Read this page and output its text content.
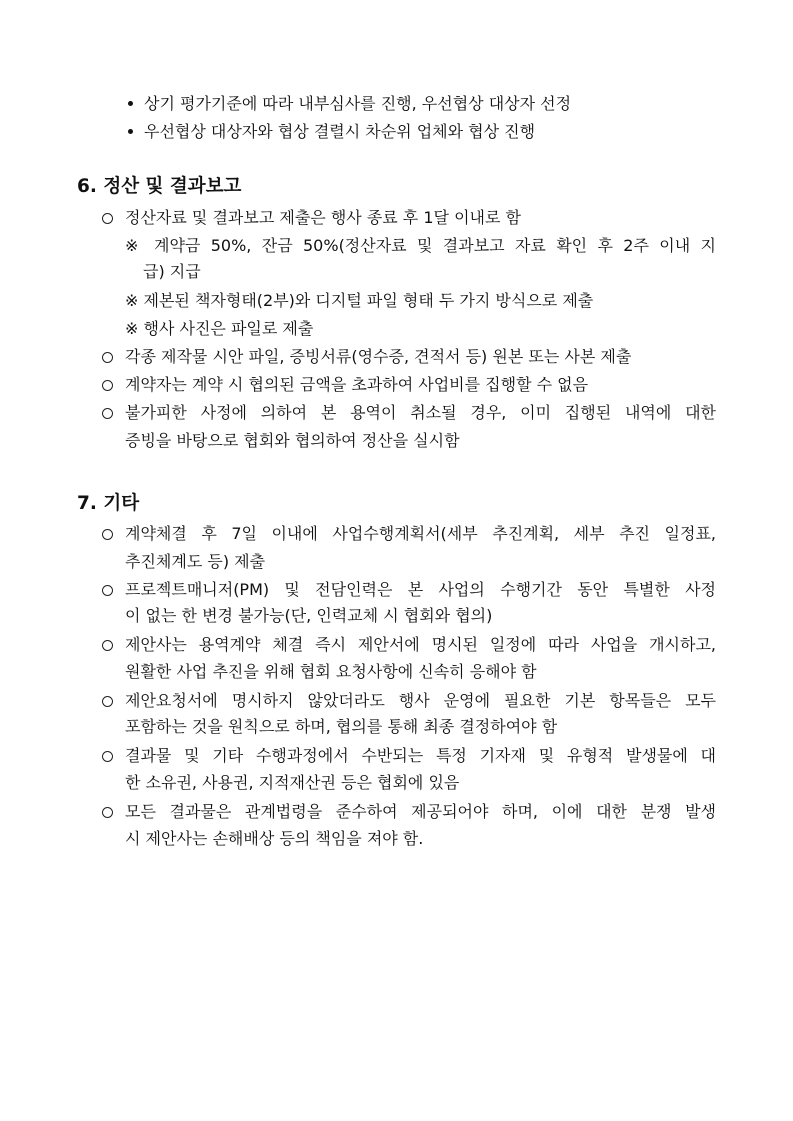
상기 평가기준에 따라 내부심사를 진행, 우선협상 대상자 선정
우선협상 대상자와 협상 결렬시 차순위 업체와 협상 진행
6. 정산 및 결과보고
정산자료 및 결과보고 제출은 행사 종료 후 1달 이내로 함
※ 계약금 50%, 잔금 50%(정산자료 및 결과보고 자료 확인 후 2주 이내 지
급) 지급
※ 제본된 책자형태(2부)와 디지털 파일 형태 두 가지 방식으로 제출
※ 행사 사진은 파일로 제출
각종 제작물 시안 파일, 증빙서류(영수증, 견적서 등) 원본 또는 사본 제출
계약자는 계약 시 협의된 금액을 초과하여 사업비를 집행할 수 없음
불가피한 사정에 의하여 본 용역이 취소될 경우, 이미 집행된 내역에 대한
증빙을 바탕으로 협회와 협의하여 정산을 실시함
7. 기타
계약체결 후 7일 이내에 사업수행계획서(세부 추진계획, 세부 추진 일정표,
추진체계도 등) 제출
프로젝트매니저(PM) 및 전담인력은 본 사업의 수행기간 동안 특별한 사정
이 없는 한 변경 불가능(단, 인력교체 시 협회와 협의)
제안사는 용역계약 체결 즉시 제안서에 명시된 일정에 따라 사업을 개시하고,
원활한 사업 추진을 위해 협회 요청사항에 신속히 응해야 함
제안요청서에 명시하지 않았더라도 행사 운영에 필요한 기본 항목들은 모두
포함하는 것을 원칙으로 하며, 협의를 통해 최종 결정하여야 함
결과물 및 기타 수행과정에서 수반되는 특정 기자재 및 유형적 발생물에 대
한 소유권, 사용권, 지적재산권 등은 협회에 있음
모든 결과물은 관계법령을 준수하여 제공되어야 하며, 이에 대한 분쟁 발생
시 제안사는 손해배상 등의 책임을 져야 함.
